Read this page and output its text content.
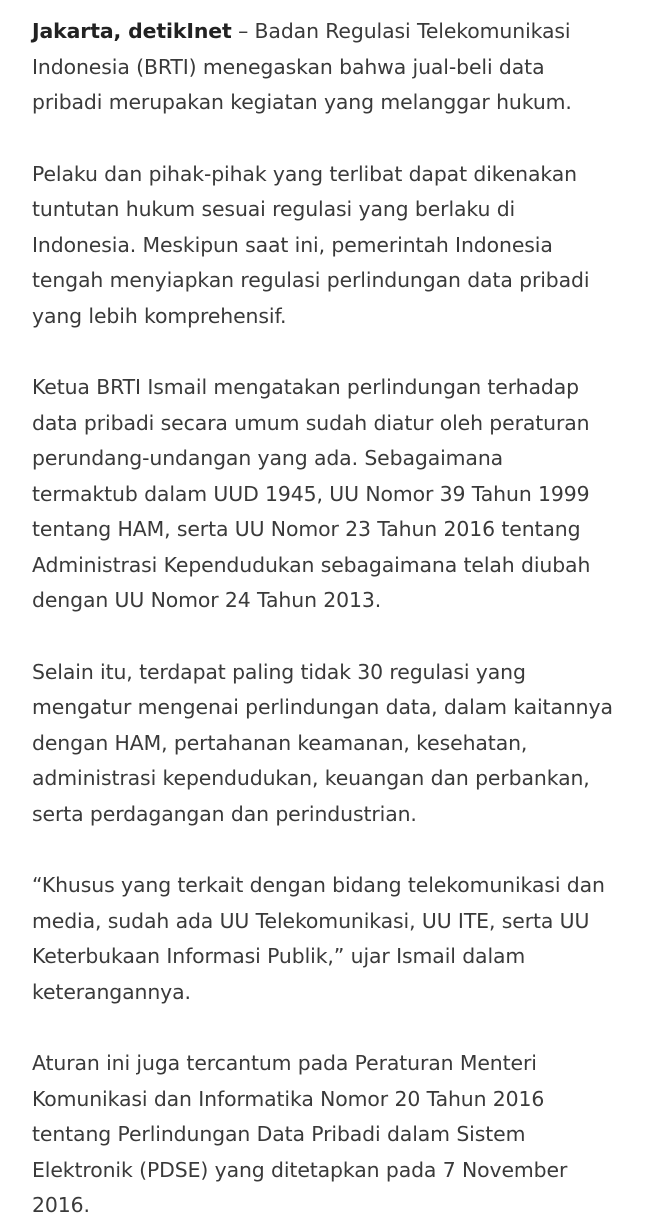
Jakarta, detikInet – Badan Regulasi Telekomunikasi
Indonesia (BRTI) menegaskan bahwa jual-beli data
pribadi merupakan kegiatan yang melanggar hukum.

Pelaku dan pihak-pihak yang terlibat dapat dikenakan
tuntutan hukum sesuai regulasi yang berlaku di
Indonesia. Meskipun saat ini, pemerintah Indonesia
tengah menyiapkan regulasi perlindungan data pribadi
yang lebih komprehensif.

Ketua BRTI Ismail mengatakan perlindungan terhadap
data pribadi secara umum sudah diatur oleh peraturan
perundang-undangan yang ada. Sebagaimana
termaktub dalam UUD 1945, UU Nomor 39 Tahun 1999
tentang HAM, serta UU Nomor 23 Tahun 2016 tentang
Administrasi Kependudukan sebagaimana telah diubah
dengan UU Nomor 24 Tahun 2013.

Selain itu, terdapat paling tidak 30 regulasi yang
mengatur mengenai perlindungan data, dalam kaitannya
dengan HAM, pertahanan keamanan, kesehatan,
administrasi kependudukan, keuangan dan perbankan,
serta perdagangan dan perindustrian.

“Khusus yang terkait dengan bidang telekomunikasi dan
media, sudah ada UU Telekomunikasi, UU ITE, serta UU
Keterbukaan Informasi Publik,” ujar Ismail dalam
keterangannya.

Aturan ini juga tercantum pada Peraturan Menteri
Komunikasi dan Informatika Nomor 20 Tahun 2016
tentang Perlindungan Data Pribadi dalam Sistem
Elektronik (PDSE) yang ditetapkan pada 7 November
2016.
